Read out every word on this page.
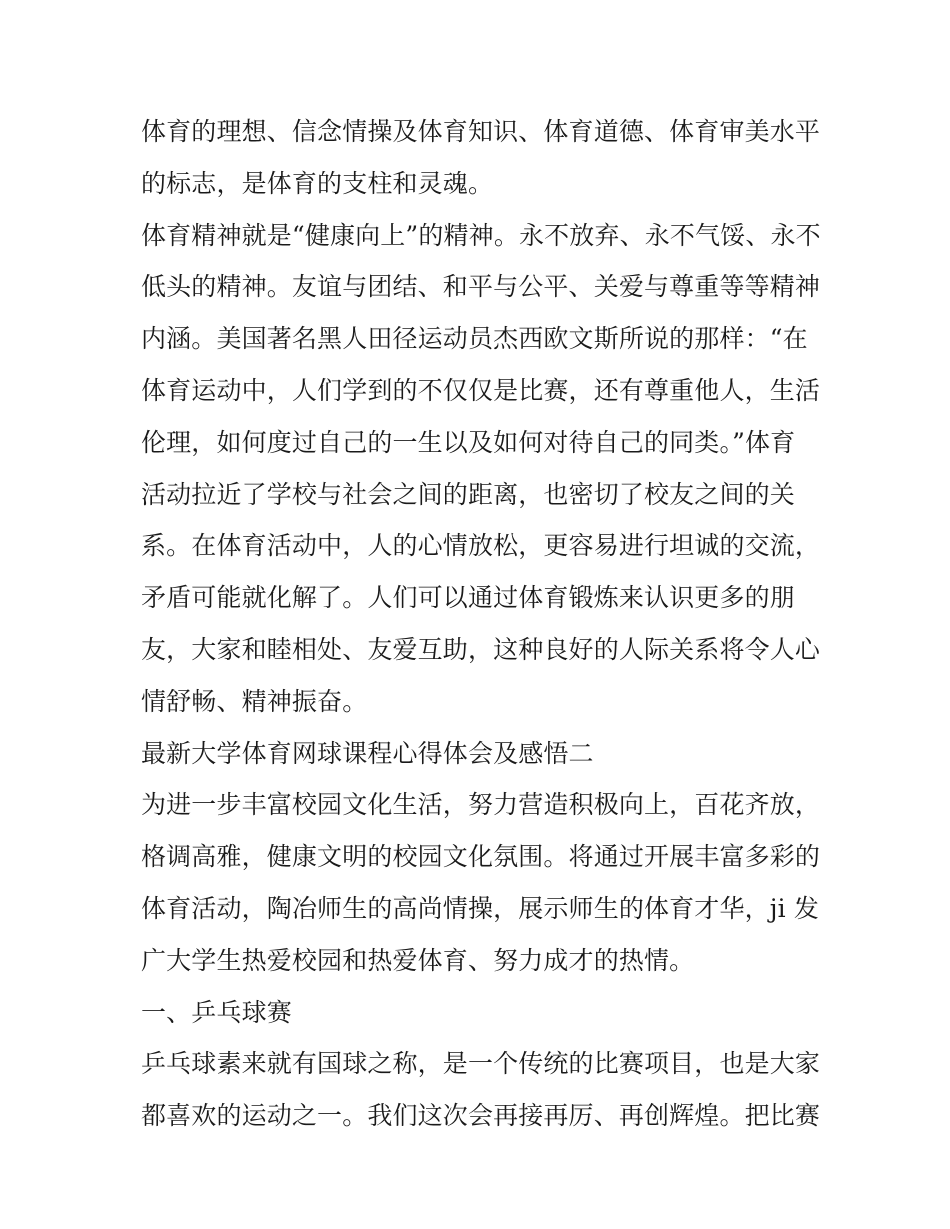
体育的理想、信念情操及体育知识、体育道德、体育审美水平
的标志，是体育的支柱和灵魂。
体育精神就是“健康向上”的精神。永不放弃、永不气馁、永不
低头的精神。友谊与团结、和平与公平、关爱与尊重等等精神
内涵。美国著名黑人田径运动员杰西欧文斯所说的那样：“在
体育运动中，人们学到的不仅仅是比赛，还有尊重他人，生活
伦理，如何度过自己的一生以及如何对待自己的同类。”体育
活动拉近了学校与社会之间的距离，也密切了校友之间的关
系。在体育活动中，人的心情放松，更容易进行坦诚的交流，
矛盾可能就化解了。人们可以通过体育锻炼来认识更多的朋
友，大家和睦相处、友爱互助，这种良好的人际关系将令人心
情舒畅、精神振奋。
最新大学体育网球课程心得体会及感悟二
为进一步丰富校园文化生活，努力营造积极向上，百花齐放，
格调高雅，健康文明的校园文化氛围。将通过开展丰富多彩的
体育活动，陶冶师生的高尚情操，展示师生的体育才华，ji 发
广大学生热爱校园和热爱体育、努力成才的热情。
一、乒乓球赛
乒乓球素来就有国球之称，是一个传统的比赛项目，也是大家
都喜欢的运动之一。我们这次会再接再厉、再创辉煌。把比赛
